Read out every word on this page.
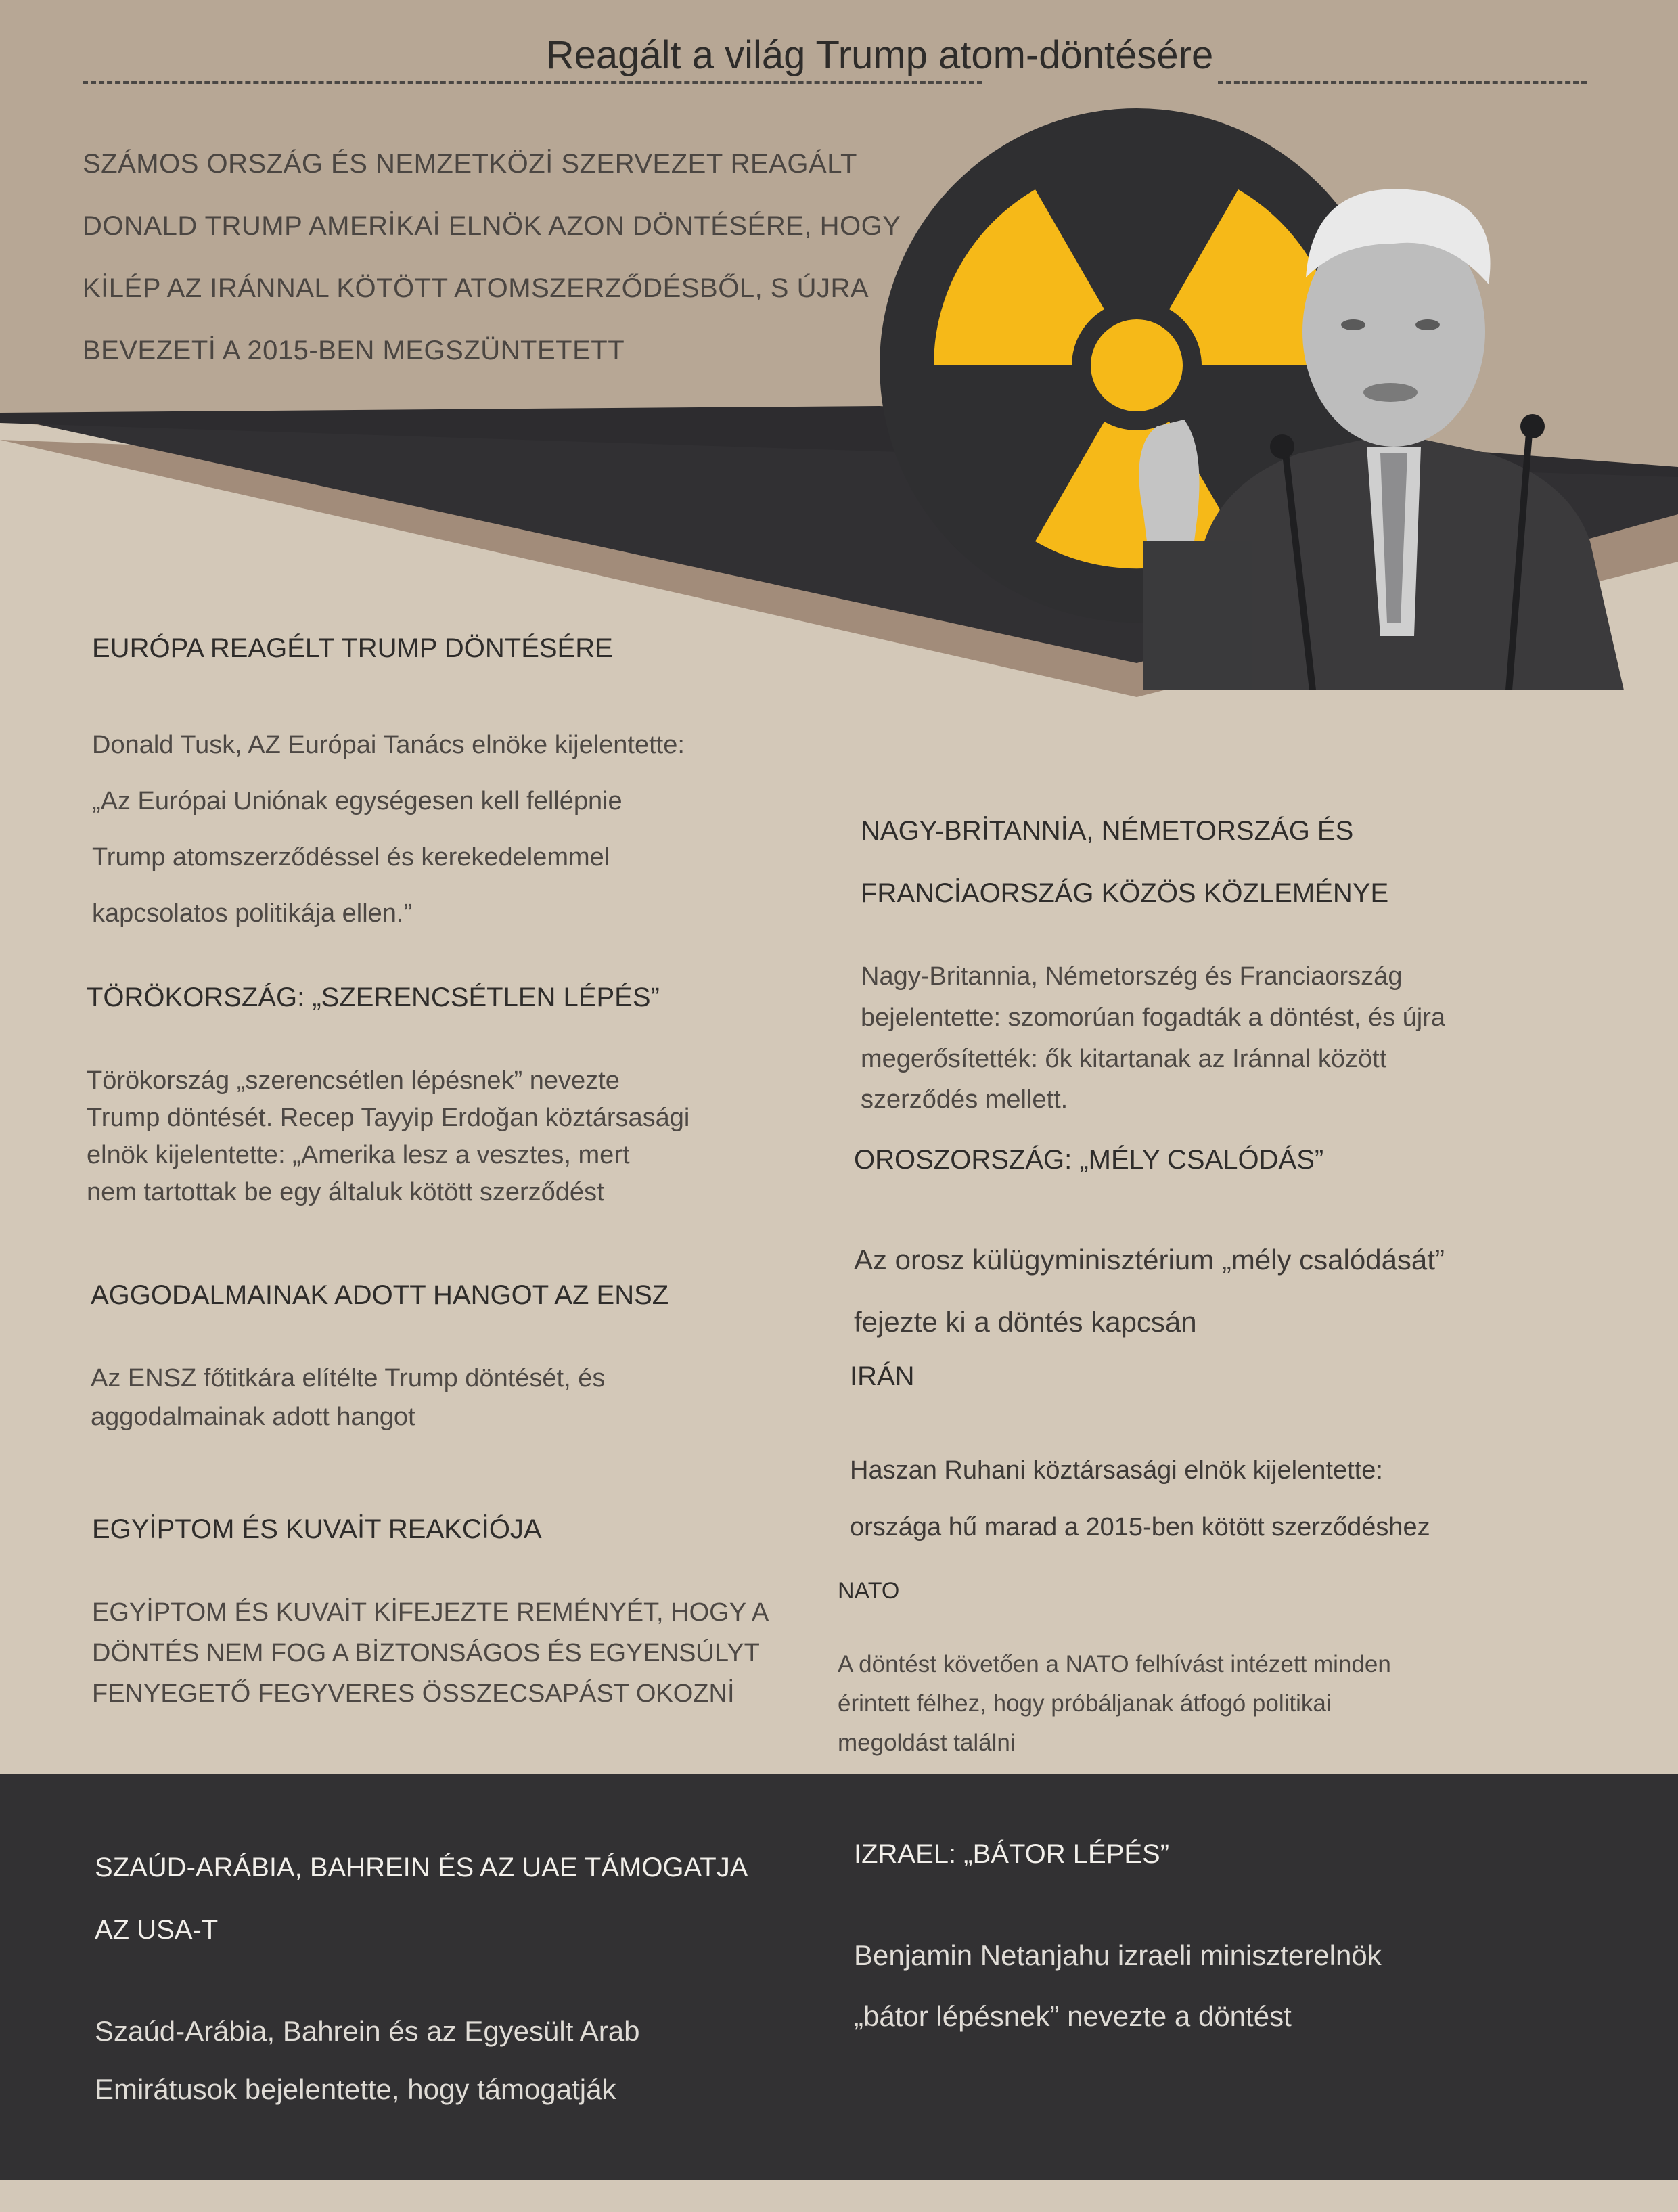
Reagált a világ Trump atom-döntésére
SZÁMOS ORSZÁG ÉS NEMZETKÖZİ SZERVEZET REAGÁLT DONALD TRUMP AMERİKAİ ELNÖK AZON DÖNTÉSÉRE, HOGY KİLÉP AZ IRÁNNAL KÖTÖTT ATOMSZERZŐDÉSBŐL, S ÚJRA BEVEZETİ A 2015-BEN MEGSZÜNTETETT
EURÓPA REAGÉLT TRUMP DÖNTÉSÉRE

Donald Tusk, AZ Európai Tanács elnöke kijelentette:

„Az Európai Uniónak egységesen kell fellépnie

Trump atomszerződéssel és kerekedelemmel

kapcsolatos politikája ellen.”

NAGY-BRİTANNİA, NÉMETORSZÁG ÉS
FRANCİAORSZÁG KÖZÖS KÖZLEMÉNYE

Nagy-Britannia, Németorszég és Franciaország

bejelentette: szomorúan fogadták a döntést, és újra

megerősítették: ők kitartanak az Iránnal között

szerződés mellett.

TÖRÖKORSZÁG: „SZERENCSÉTLEN LÉPÉS”

Törökország „szerencsétlen lépésnek” nevezte

Trump döntését. Recep Tayyip Erdoğan köztársasági

elnök kijelentette: „Amerika lesz a vesztes, mert

nem tartottak be egy általuk kötött szerződést

OROSZORSZÁG: „MÉLY CSALÓDÁS”

Az orosz külügyminisztérium „mély csalódását”

fejezte ki a döntés kapcsán

AGGODALMAINAK ADOTT HANGOT AZ ENSZ

Az ENSZ főtitkára elítélte Trump döntését, és

aggodalmainak adott hangot

IRÁN

Haszan Ruhani köztársasági elnök kijelentette:

országa hű marad a 2015-ben kötött szerződéshez

EGYİPTOM ÉS KUVAİT REAKCİÓJA

EGYİPTOM ÉS KUVAİT KİFEJEZTE REMÉNYÉT, HOGY A

DÖNTÉS NEM FOG A BİZTONSÁGOS ÉS EGYENSÚLYT

FENYEGETŐ FEGYVERES ÖSSZECSAPÁST OKOZNİ

NATO

A döntést követően a NATO felhívást intézett minden

érintett félhez, hogy próbáljanak átfogó politikai

megoldást találni

SZAÚD-ARÁBIA, BAHREIN ÉS AZ UAE TÁMOGATJA
AZ USA-T

Szaúd-Arábia, Bahrein és az Egyesült Arab

Emirátusok bejelentette, hogy támogatják

IZRAEL: „BÁTOR LÉPÉS”

Benjamin Netanjahu izraeli miniszterelnök

„bátor lépésnek” nevezte a döntést
